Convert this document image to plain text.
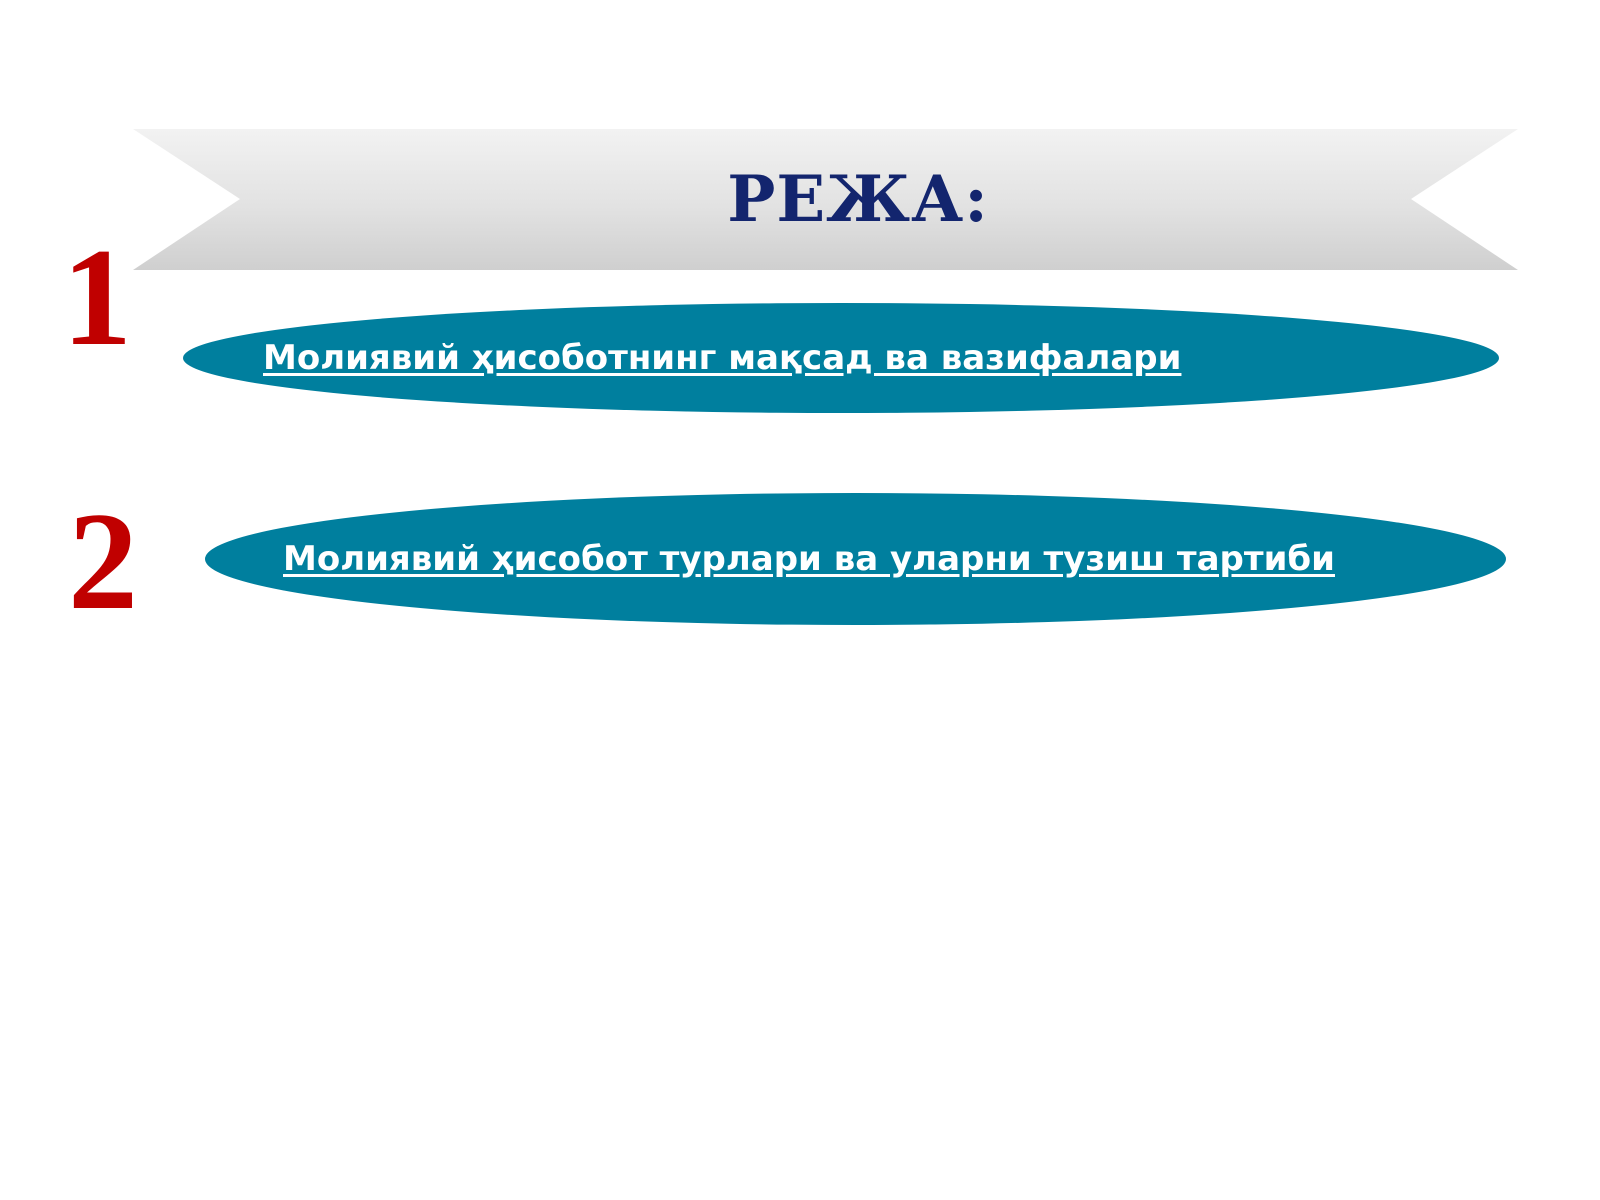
РЕЖА:
1	Молиявий ҳисоботнинг мақсад ва вазифалари
2	Молиявий ҳисобот турлари ва уларни тузиш тартиби
